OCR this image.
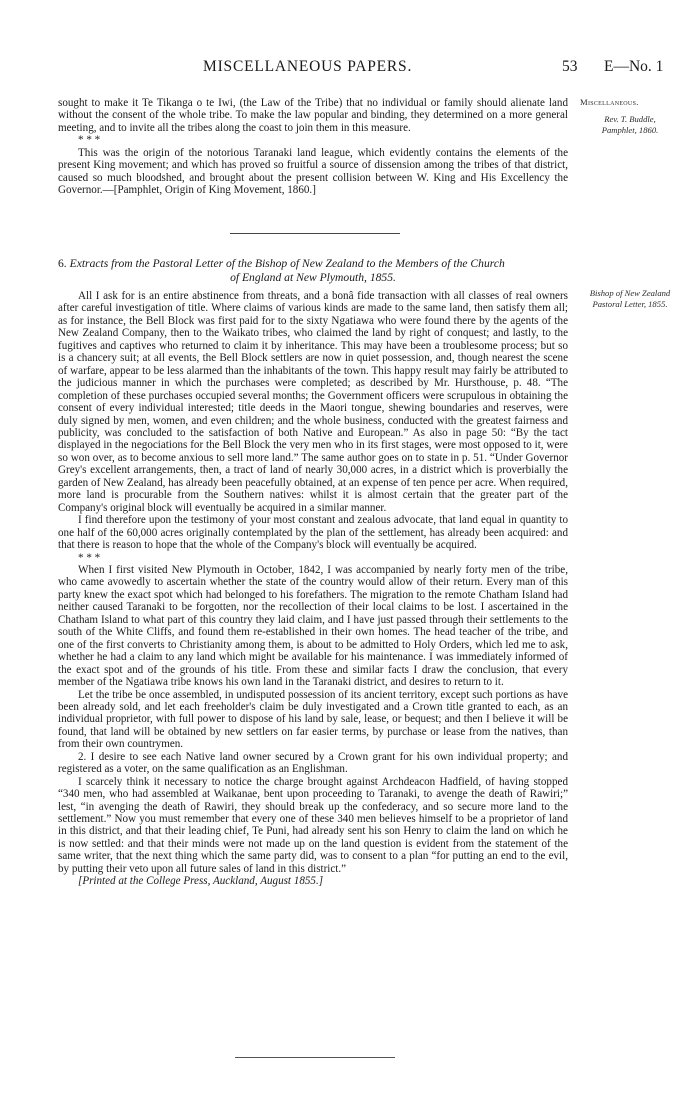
MISCELLANEOUS PAPERS.	53 E—No. 1
Miscellaneous.
Rev. T. Buddle,
Pamphlet, 1860.

sought to make it Te Tikanga o te Iwi, (the Law of the Tribe) that no individual or family should alienate land without the consent of the whole tribe. To make the law popular and binding, they determined on a more general meeting, and to invite all the tribes along the coast to join them in this measure.

* * *

This was the origin of the notorious Taranaki land league, which evidently contains the elements of the present King movement; and which has proved so fruitful a source of dissension among the tribes of that district, caused so much bloodshed, and brought about the present collision between W. King and His Excellency the Governor.—[Pamphlet, Origin of King Movement, 1860.]

6. Extracts from the Pastoral Letter of the Bishop of New Zealand to the Members of the Church
of England at New Plymouth, 1855.
Bishop of New Zealand
Pastoral Letter, 1855.

All I ask for is an entire abstinence from threats, and a bonâ fide transaction with all classes of real owners after careful investigation of title. Where claims of various kinds are made to the same land, then satisfy them all; as for instance, the Bell Block was first paid for to the sixty Ngatiawa who were found there by the agents of the New Zealand Company, then to the Waikato tribes, who claimed the land by right of conquest; and lastly, to the fugitives and captives who returned to claim it by inheritance. This may have been a troublesome process; but so is a chancery suit; at all events, the Bell Block settlers are now in quiet possession, and, though nearest the scene of warfare, appear to be less alarmed than the inhabitants of the town. This happy result may fairly be attributed to the judicious manner in which the purchases were completed; as described by Mr. Hursthouse, p. 48. “The completion of these purchases occupied several months; the Government officers were scrupulous in obtaining the consent of every individual interested; title deeds in the Maori tongue, shewing boundaries and reserves, were duly signed by men, women, and even children; and the whole business, conducted with the greatest fairness and publicity, was concluded to the satisfaction of both Native and European.” As also in page 50: “By the tact displayed in the negociations for the Bell Block the very men who in its first stages, were most opposed to it, were so won over, as to become anxious to sell more land.” The same author goes on to state in p. 51. “Under Governor Grey's excellent arrangements, then, a tract of land of nearly 30,000 acres, in a district which is proverbially the garden of New Zealand, has already been peacefully obtained, at an expense of ten pence per acre. When required, more land is procurable from the Southern natives: whilst it is almost certain that the greater part of the Company's original block will eventually be acquired in a similar manner.

I find therefore upon the testimony of your most constant and zealous advocate, that land equal in quantity to one half of the 60,000 acres originally contemplated by the plan of the settlement, has already been acquired: and that there is reason to hope that the whole of the Company's block will eventually be acquired.

* * *

When I first visited New Plymouth in October, 1842, I was accompanied by nearly forty men of the tribe, who came avowedly to ascertain whether the state of the country would allow of their return. Every man of this party knew the exact spot which had belonged to his forefathers. The migration to the remote Chatham Island had neither caused Taranaki to be forgotten, nor the recollection of their local claims to be lost. I ascertained in the Chatham Island to what part of this country they laid claim, and I have just passed through their settlements to the south of the White Cliffs, and found them re-established in their own homes. The head teacher of the tribe, and one of the first converts to Christianity among them, is about to be admitted to Holy Orders, which led me to ask, whether he had a claim to any land which might be available for his maintenance. I was immediately informed of the exact spot and of the grounds of his title. From these and similar facts I draw the conclusion, that every member of the Ngatiawa tribe knows his own land in the Taranaki district, and desires to return to it.

Let the tribe be once assembled, in undisputed possession of its ancient territory, except such portions as have been already sold, and let each freeholder's claim be duly investigated and a Crown title granted to each, as an individual proprietor, with full power to dispose of his land by sale, lease, or bequest; and then I believe it will be found, that land will be obtained by new settlers on far easier terms, by purchase or lease from the natives, than from their own countrymen.

2. I desire to see each Native land owner secured by a Crown grant for his own individual property; and registered as a voter, on the same qualification as an Englishman.

I scarcely think it necessary to notice the charge brought against Archdeacon Hadfield, of having stopped “340 men, who had assembled at Waikanae, bent upon proceeding to Taranaki, to avenge the death of Rawiri;” lest, “in avenging the death of Rawiri, they should break up the confederacy, and so secure more land to the settlement.” Now you must remember that every one of these 340 men believes himself to be a proprietor of land in this district, and that their leading chief, Te Puni, had already sent his son Henry to claim the land on which he is now settled: and that their minds were not made up on the land question is evident from the statement of the same writer, that the next thing which the same party did, was to consent to a plan “for putting an end to the evil, by putting their veto upon all future sales of land in this district.”

[Printed at the College Press, Auckland, August 1855.]
